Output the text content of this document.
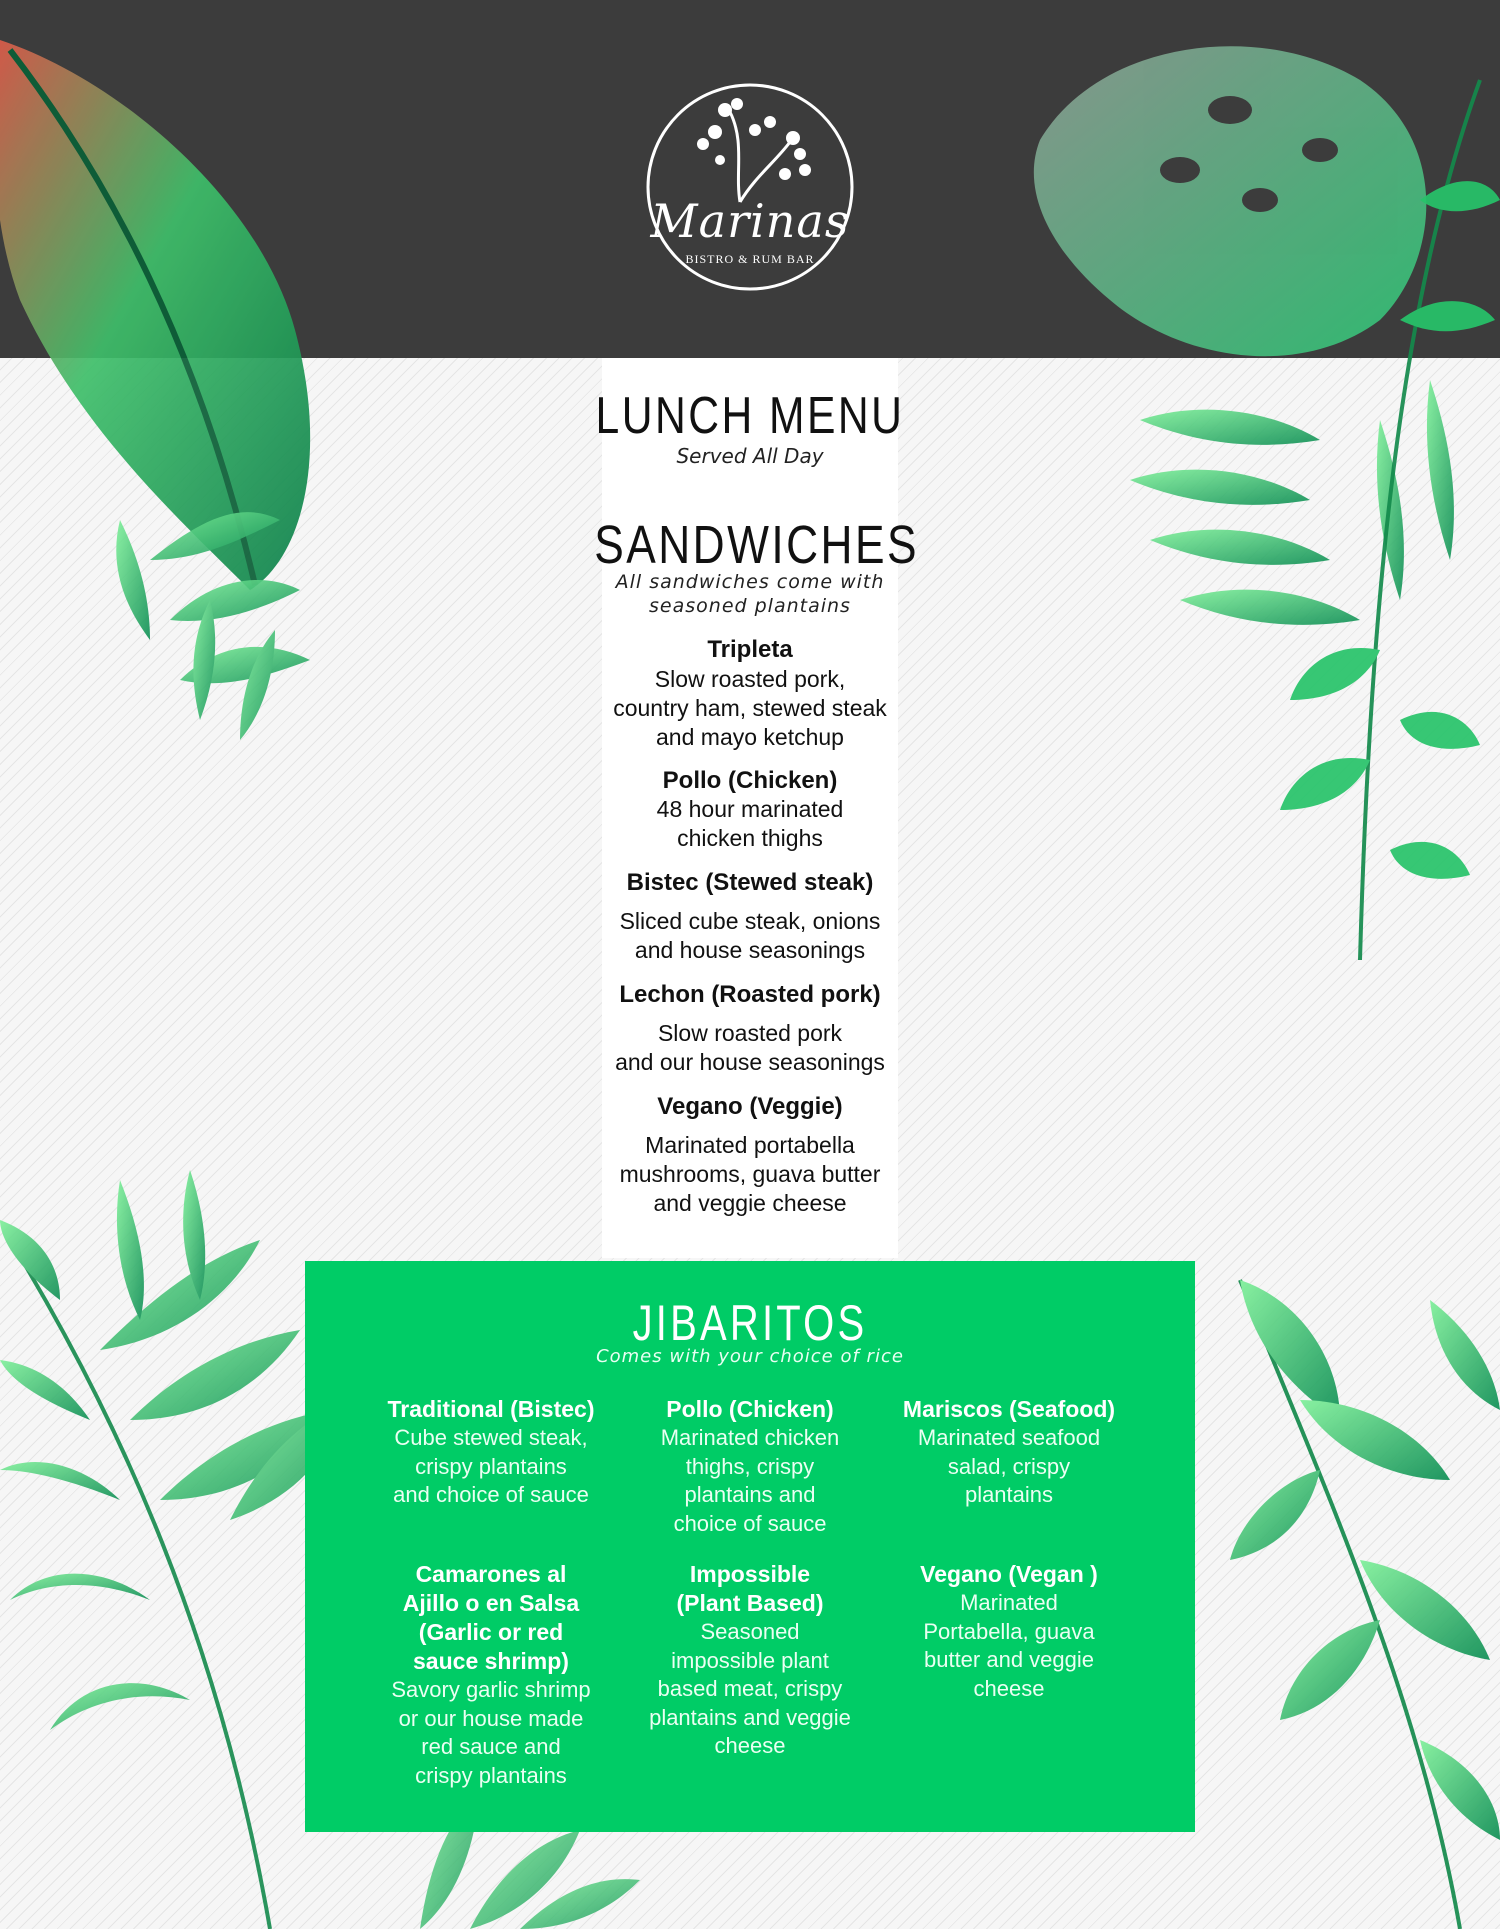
Marinas
BISTRO & RUM BAR
LUNCH MENU
Served All Day
SANDWICHES
All sandwiches come with
seasoned plantains
Tripleta
Slow roasted pork,
country ham, stewed steak
and mayo ketchup
Pollo (Chicken)
48 hour marinated
chicken thighs
Bistec (Stewed steak)
Sliced cube steak, onions
and house seasonings
Lechon (Roasted pork)
Slow roasted pork
and our house seasonings
Vegano (Veggie)
Marinated portabella
mushrooms, guava butter
and veggie cheese
JIBARITOS
Comes with your choice of rice
Traditional (Bistec)
Cube stewed steak,
crispy plantains
and choice of sauce
Pollo (Chicken)
Marinated chicken
thighs, crispy
plantains and
choice of sauce
Mariscos (Seafood)
Marinated seafood
salad, crispy
plantains
Camarones al
Ajillo o en Salsa
(Garlic or red
sauce shrimp)
Savory garlic shrimp
or our house made
red sauce and
crispy plantains
Impossible
(Plant Based)
Seasoned
impossible plant
based meat, crispy
plantains and veggie
cheese
Vegano (Vegan )
Marinated
Portabella, guava
butter and veggie
cheese
